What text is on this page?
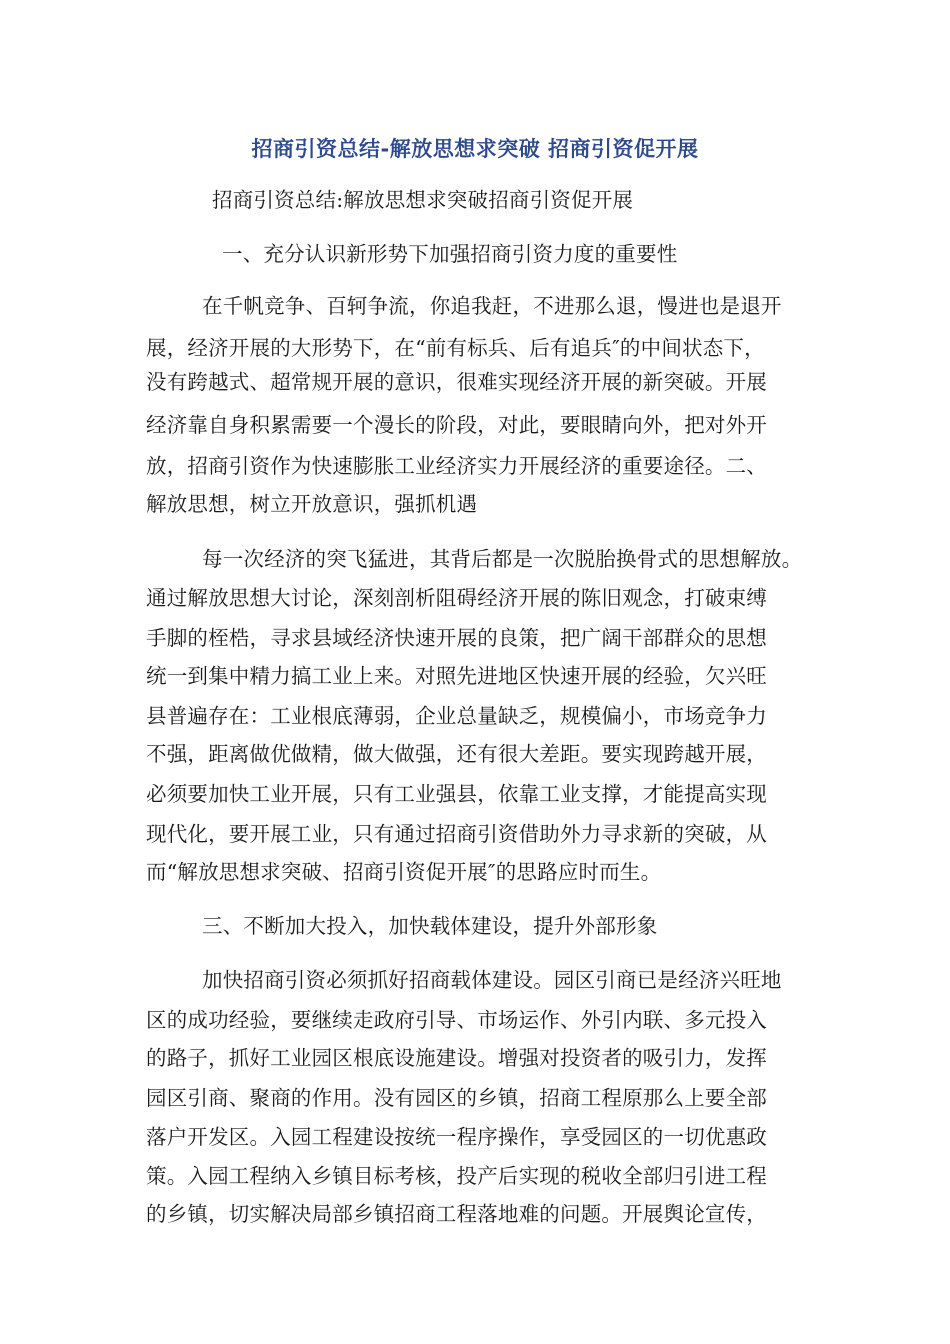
招商引资总结-解放思想求突破 招商引资促开展
招商引资总结:解放思想求突破招商引资促开展
一、充分认识新形势下加强招商引资力度的重要性
在千帆竞争、百轲争流，你追我赶，不进那么退，慢进也是退开
展，经济开展的大形势下，在“前有标兵、后有追兵″的中间状态下，
没有跨越式、超常规开展的意识，很难实现经济开展的新突破。开展
经济靠自身积累需要一个漫长的阶段，对此，要眼睛向外，把对外开
放，招商引资作为快速膨胀工业经济实力开展经济的重要途径。二、
解放思想，树立开放意识，强抓机遇
每一次经济的突飞猛进，其背后都是一次脱胎换骨式的思想解放。
通过解放思想大讨论，深刻剖析阻碍经济开展的陈旧观念，打破束缚
手脚的桎梏，寻求县域经济快速开展的良策，把广阔干部群众的思想
统一到集中精力搞工业上来。对照先进地区快速开展的经验，欠兴旺
县普遍存在：工业根底薄弱，企业总量缺乏，规模偏小，市场竞争力
不强，距离做优做精，做大做强，还有很大差距。要实现跨越开展，
必须要加快工业开展，只有工业强县，依靠工业支撑，才能提高实现
现代化，要开展工业，只有通过招商引资借助外力寻求新的突破，从
而“解放思想求突破、招商引资促开展″的思路应时而生。
三、不断加大投入，加快载体建设，提升外部形象
加快招商引资必须抓好招商载体建设。园区引商已是经济兴旺地
区的成功经验，要继续走政府引导、市场运作、外引内联、多元投入
的路子，抓好工业园区根底设施建设。增强对投资者的吸引力，发挥
园区引商、聚商的作用。没有园区的乡镇，招商工程原那么上要全部
落户开发区。入园工程建设按统一程序操作，享受园区的一切优惠政
策。入园工程纳入乡镇目标考核，投产后实现的税收全部归引进工程
的乡镇，切实解决局部乡镇招商工程落地难的问题。开展舆论宣传，
